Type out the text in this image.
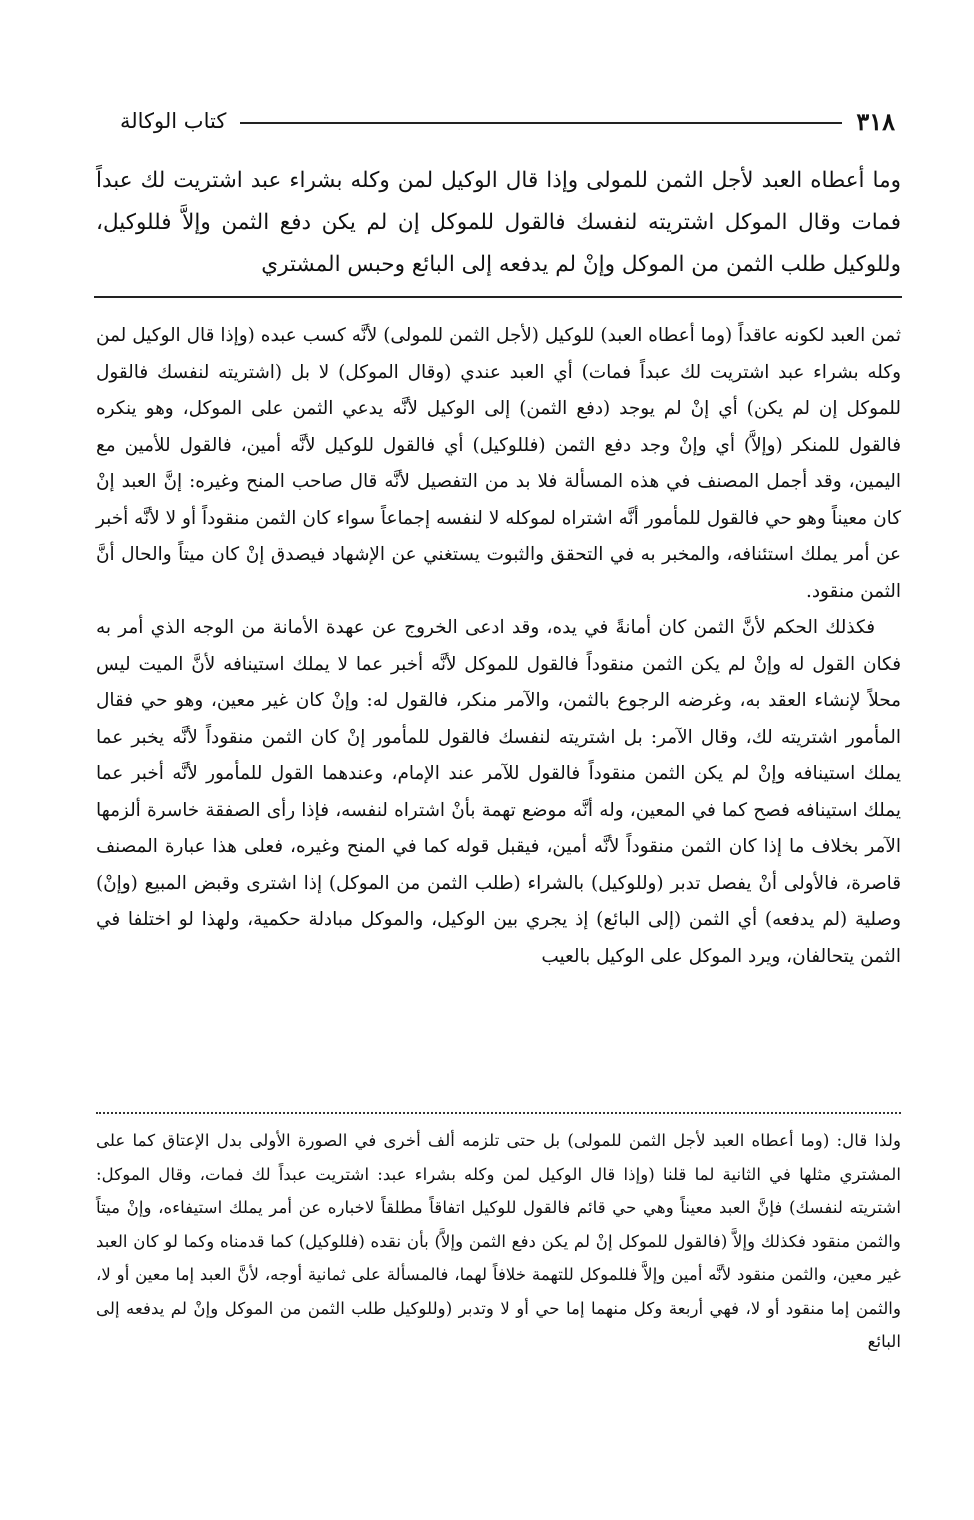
٣١٨
كتاب الوكالة
وما أعطاه العبد لأجل الثمن للمولى وإذا قال الوكيل لمن وكله بشراء عبد اشتريت لك عبداً فمات وقال الموكل اشتريته لنفسك فالقول للموكل إن لم يكن دفع الثمن وإلاَّ فللوكيل، وللوكيل طلب الثمن من الموكل وإنْ لم يدفعه إلى البائع وحبس المشتري

ثمن العبد لكونه عاقداً (وما أعطاه العبد) للوكيل (لأجل الثمن للمولى) لأنَّه كسب عبده (وإذا قال الوكيل لمن وكله بشراء عبد اشتريت لك عبداً فمات) أي العبد عندي (وقال الموكل) لا بل (اشتريته لنفسك فالقول للموكل إن لم يكن) أي إنْ لم يوجد (دفع الثمن) إلى الوكيل لأنَّه يدعي الثمن على الموكل، وهو ينكره فالقول للمنكر (وإلاَّ) أي وإنْ وجد دفع الثمن (فللوكيل) أي فالقول للوكيل لأنَّه أمين، فالقول للأمين مع اليمين، وقد أجمل المصنف في هذه المسألة فلا بد من التفصيل لأنَّه قال صاحب المنح وغيره: إنَّ العبد إنْ كان معيناً وهو حي فالقول للمأمور أنَّه اشتراه لموكله لا لنفسه إجماعاً سواء كان الثمن منقوداً أو لا لأنَّه أخبر عن أمر يملك استئنافه، والمخبر به في التحقق والثبوت يستغني عن الإشهاد فيصدق إنْ كان ميتاً والحال أنَّ الثمن منقود.

فكذلك الحكم لأنَّ الثمن كان أمانةً في يده، وقد ادعى الخروج عن عهدة الأمانة من الوجه الذي أمر به فكان القول له وإنْ لم يكن الثمن منقوداً فالقول للموكل لأنَّه أخبر عما لا يملك استينافه لأنَّ الميت ليس محلاً لإنشاء العقد به، وغرضه الرجوع بالثمن، والآمر منكر، فالقول له: وإنْ كان غير معين، وهو حي فقال المأمور اشتريته لك، وقال الآمر: بل اشتريته لنفسك فالقول للمأمور إنْ كان الثمن منقوداً لأنَّه يخبر عما يملك استينافه وإنْ لم يكن الثمن منقوداً فالقول للآمر عند الإمام، وعندهما القول للمأمور لأنَّه أخبر عما يملك استينافه فصح كما في المعين، وله أنَّه موضع تهمة بأنْ اشتراه لنفسه، فإذا رأى الصفقة خاسرة ألزمها الآمر بخلاف ما إذا كان الثمن منقوداً لأنَّه أمين، فيقبل قوله كما في المنح وغيره، فعلى هذا عبارة المصنف قاصرة، فالأولى أنْ يفصل تدبر (وللوكيل) بالشراء (طلب الثمن من الموكل) إذا اشترى وقبض المبيع (وإنْ) وصلية (لم يدفعه) أي الثمن (إلى البائع) إذ يجري بين الوكيل، والموكل مبادلة حكمية، ولهذا لو اختلفا في الثمن يتحالفان، ويرد الموكل على الوكيل بالعيب

ولذا قال: (وما أعطاه العبد لأجل الثمن للمولى) بل حتى تلزمه ألف أخرى في الصورة الأولى بدل الإعتاق كما على المشتري مثلها في الثانية لما قلنا (وإذا قال الوكيل لمن وكله بشراء عبد: اشتريت عبداً لك فمات، وقال الموكل: اشتريته لنفسك) فإنَّ العبد معيناً وهي حي قائم فالقول للوكيل اتفاقاً مطلقاً لاخباره عن أمر يملك استيفاءه، وإنْ ميتاً والثمن منقود فكذلك وإلاَّ (فالقول للموكل إنْ لم يكن دفع الثمن وإلاَّ) بأن نقده (فللوكيل) كما قدمناه وكما لو كان العبد غير معين، والثمن منقود لأنَّه أمين وإلاَّ فللموكل للتهمة خلافاً لهما، فالمسألة على ثمانية أوجه، لأنَّ العبد إما معين أو لا، والثمن إما منقود أو لا، فهي أربعة وكل منهما إما حي أو لا وتدبر (وللوكيل طلب الثمن من الموكل وإنْ لم يدفعه إلى البائع
